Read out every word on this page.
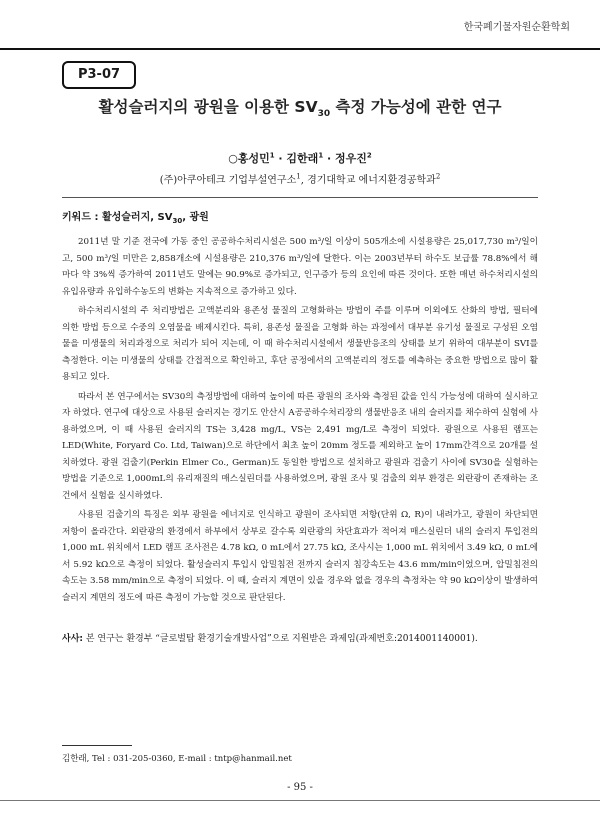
한국폐기물자원순환학회
P3-07
활성슬러지의 광원을 이용한 $SV_{30}$ 측정 가능성에 관한 연구
○홍성민$^1$ · 김한래$^1$ · 정우진$^2$
(주)아쿠아테크 기업부설연구소$^1$, 경기대학교 에너지환경공학과$^2$
키워드 : 활성슬러지, $SV_{30}$, 광원

2011년 말 기준 전국에 가동 중인 공공하수처리시설은 500 m³/일 이상이 505개소에 시설용량은 25,017,730 m³/일이고, 500 m³/일 미만은 2,858개소에 시설용량은 210,376 m³/일에 달한다. 이는 2003년부터 하수도 보급률 78.8%에서 해마다 약 3%씩 증가하여 2011년도 말에는 90.9%로 증가되고, 인구증가 등의 요인에 따른 것이다. 또한 매년 하수처리시설의 유입유량과 유입하수농도의 변화는 지속적으로 증가하고 있다.

하수처리시설의 주 처리방법은 고액분리와 용존성 물질의 고형화하는 방법이 주를 이루며 이외에도 산화의 방법, 필터에 의한 방법 등으로 수중의 오염물을 배제시킨다. 특히, 용존성 물질을 고형화 하는 과정에서 대부분 유기성 물질로 구성된 오염물을 미생물의 처리과정으로 처리가 되어 지는데, 이 때 하수처리시설에서 생물반응조의 상태를 보기 위하여 대부분이 SVI를 측정한다. 이는 미생물의 상태를 간접적으로 확인하고, 후단 공정에서의 고액분리의 정도를 예측하는 중요한 방법으로 많이 활용되고 있다.

따라서 본 연구에서는 SV30의 측정방법에 대하여 높이에 따른 광원의 조사와 측정된 값을 인식 가능성에 대하여 실시하고자 하였다. 연구에 대상으로 사용된 슬러지는 경기도 안산시 A공공하수처리장의 생물반응조 내의 슬러지를 채수하여 실험에 사용하였으며, 이 때 사용된 슬러지의 TS는 3,428 mg/L, VS는 2,491 mg/L로 측정이 되었다. 광원으로 사용된 램프는 LED(White, Foryard Co. Ltd, Taiwan)으로 하단에서 최초 높이 20mm 정도를 제외하고 높이 17mm간격으로 20개를 설치하였다. 광원 검출기(Perkin Elmer Co., German)도 동일한 방법으로 설치하고 광원과 검출기 사이에 SV30을 실험하는 방법을 기준으로 1,000mL의 유리재질의 매스실린더를 사용하였으며, 광원 조사 및 검출의 외부 환경은 외란광이 존재하는 조건에서 실험을 실시하였다.

사용된 검출기의 특징은 외부 광원을 에너지로 인식하고 광원이 조사되면 저항(단위 Ω, R)이 내려가고, 광원이 차단되면 저항이 올라간다. 외란광의 환경에서 하부에서 상부로 갈수록 외란광의 차단효과가 적어져 매스실린더 내의 슬러지 투입전의 1,000 mL 위치에서 LED 램프 조사전은 4.78 kΩ, 0 mL에서 27.75 kΩ, 조사시는 1,000 mL 위치에서 3.49 kΩ, 0 mL에서 5.92 kΩ으로 측정이 되었다. 활성슬러지 투입시 압밀침전 전까지 슬러지 침강속도는 43.6 mm/min이었으며, 압밀침전의 속도는 3.58 mm/min으로 측정이 되었다. 이 때, 슬러지 계면이 있을 경우와 없을 경우의 측정차는 약 90 kΩ이상이 발생하여 슬러지 계면의 정도에 따른 측정이 가능할 것으로 판단된다.

사사: 본 연구는 환경부 “글로벌탑 환경기술개발사업”으로 지원받은 과제임(과제번호:2014001140001).
김한래, Tel : 031-205-0360, E-mail : tntp@hanmail.net
- 95 -
